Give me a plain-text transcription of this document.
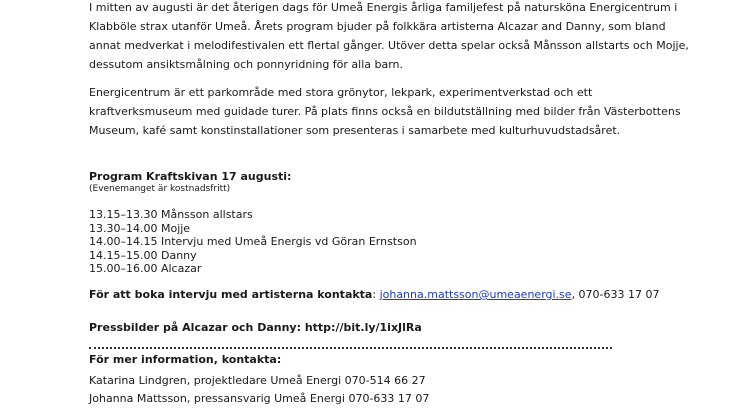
I mitten av augusti är det återigen dags för Umeå Energis årliga familjefest på natursköna Energicentrum i Klabböle strax utanför Umeå. Årets program bjuder på folkkära artisterna Alcazar and Danny, som bland annat medverkat i melodifestivalen ett flertal gånger. Utöver detta spelar också Månsson allstarts och Mojje, dessutom ansiktsmålning och ponnyridning för alla barn.

Energicentrum är ett parkområde med stora grönytor, lekpark, experimentverkstad och ett kraftverksmuseum med guidade turer. På plats finns också en bildutställning med bilder från Västerbottens Museum, kafé samt konstinstallationer som presenteras i samarbete med kulturhuvudstadsåret.

Program Kraftskivan 17 augusti:
(Evenemanget är kostnadsfritt)
13.15–13.30 Månsson allstars
13.30–14.00 Mojje
14.00–14.15 Intervju med Umeå Energis vd Göran Ernstson
14.15–15.00 Danny
15.00–16.00 Alcazar
För att boka intervju med artisterna kontakta: johanna.mattsson@umeaenergi.se, 070-633 17 07
Pressbilder på Alcazar och Danny: http://bit.ly/1ixJlRa
För mer information, kontakta:
Katarina Lindgren, projektledare Umeå Energi 070-514 66 27
Johanna Mattsson, pressansvarig Umeå Energi 070-633 17 07
